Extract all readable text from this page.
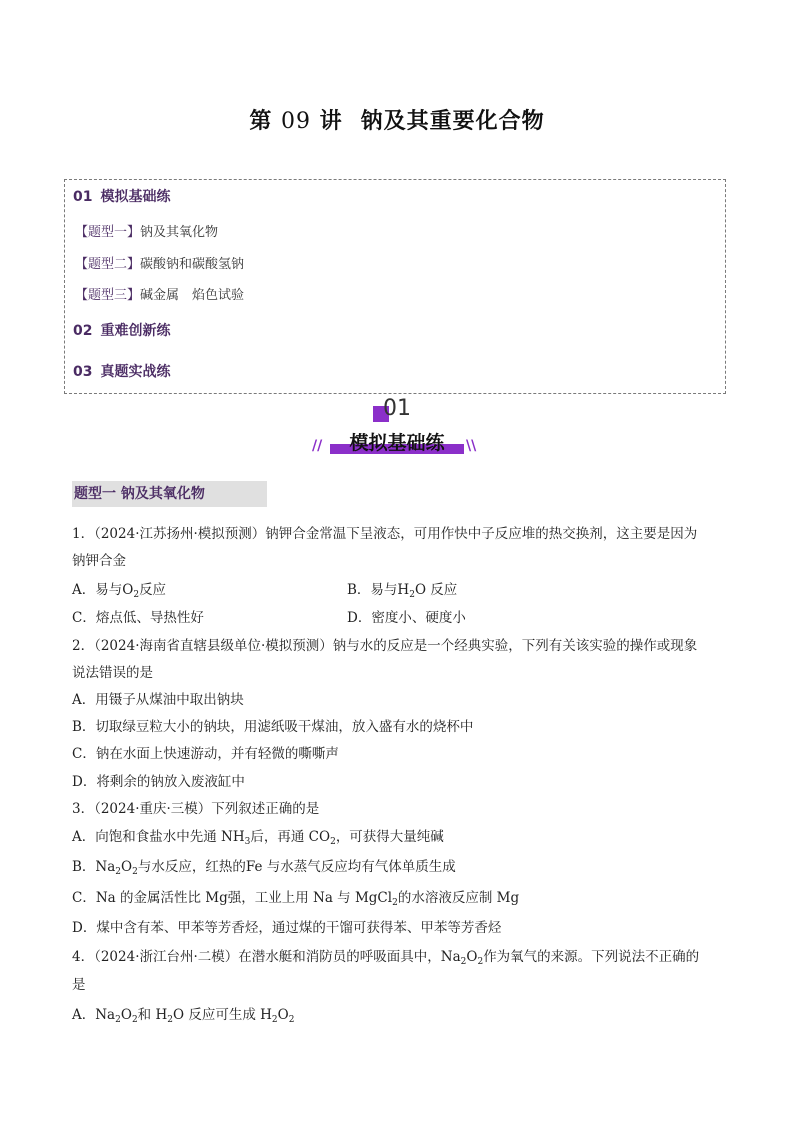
第 09 讲 钠及其重要化合物
01 模拟基础练
【题型一】钠及其氧化物
【题型二】碳酸钠和碳酸氢钠
【题型三】碱金属　焰色试验
02 重难创新练
03 真题实战练
01
//	模拟基础练	\\
题型一 钠及其氧化物
1．（2024·江苏扬州·模拟预测）钠钾合金常温下呈液态，可用作快中子反应堆的热交换剂，这主要是因为
钠钾合金
A．易与$O_2$反应	B．易与$H_2O$ 反应
C．熔点低、导热性好	D．密度小、硬度小
2．（2024·海南省直辖县级单位·模拟预测）钠与水的反应是一个经典实验，下列有关该实验的操作或现象
说法错误的是
A．用镊子从煤油中取出钠块
B．切取绿豆粒大小的钠块，用滤纸吸干煤油，放入盛有水的烧杯中
C．钠在水面上快速游动，并有轻微的嘶嘶声
D．将剩余的钠放入废液缸中
3．（2024·重庆·三模）下列叙述正确的是
A．向饱和食盐水中先通 $NH_3$后，再通 $CO_2$，可获得大量纯碱
B．$Na_2O_2$与水反应，红热的Fe 与水蒸气反应均有气体单质生成
C．Na 的金属活性比 Mg强，工业上用 Na 与 MgCl$_2$的水溶液反应制 Mg
D．煤中含有苯、甲苯等芳香烃，通过煤的干馏可获得苯、甲苯等芳香烃
4．（2024·浙江台州·二模）在潜水艇和消防员的呼吸面具中，$Na_2O_2$作为氧气的来源。下列说法不正确的
是
A．$Na_2O_2$和 $H_2O$ 反应可生成 $H_2O_2$
